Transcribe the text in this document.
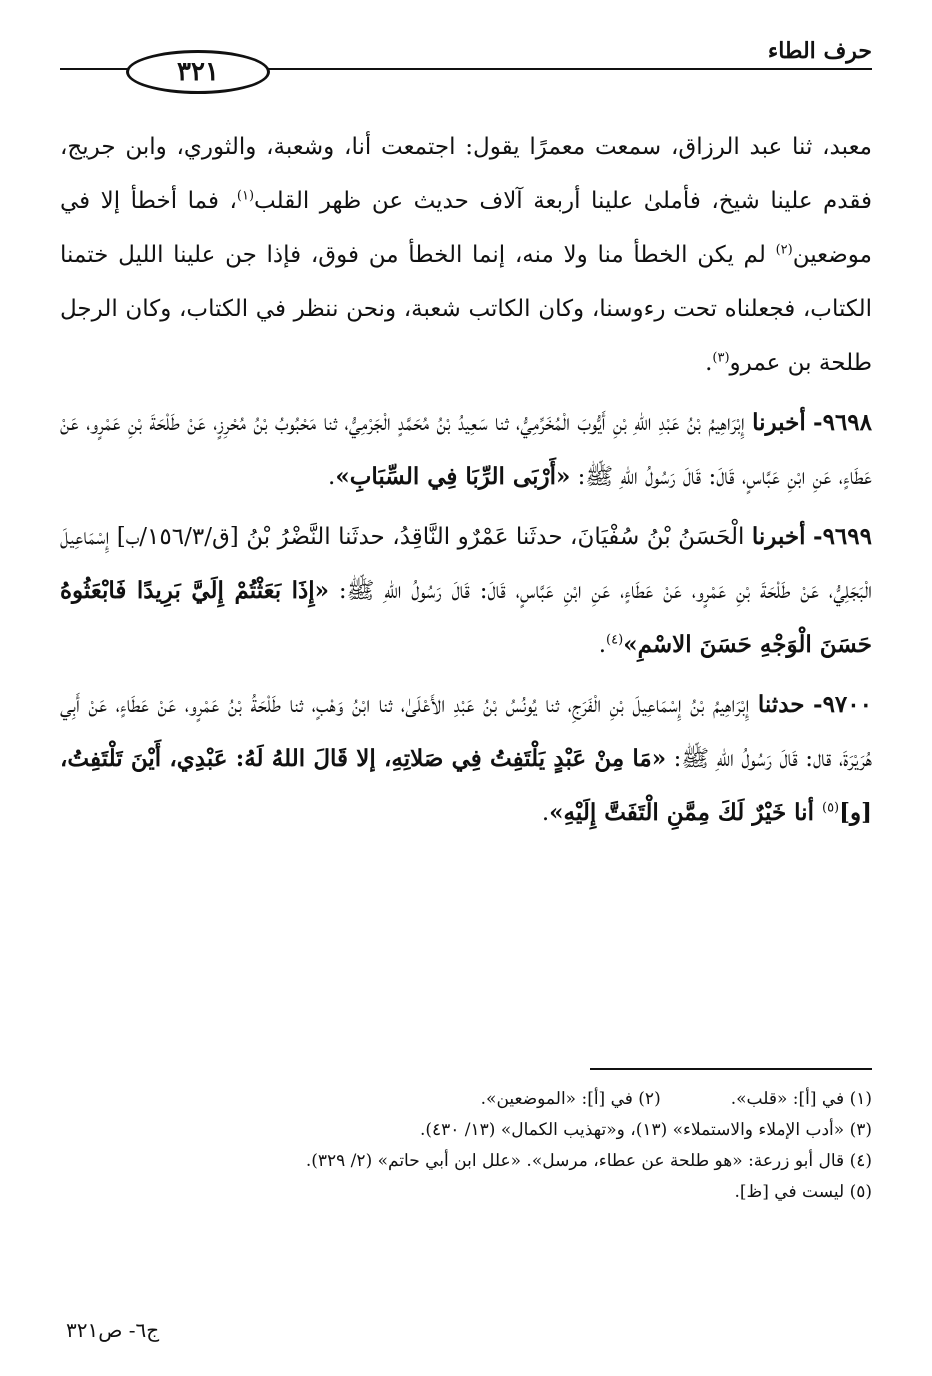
حرف الطاء
٣٢١

معبد، ثنا عبد الرزاق، سمعت معمرًا يقول: اجتمعت أنا، وشعبة، والثوري، وابن جريج، فقدم علينا شيخ، فأملىٰ علينا أربعة آلاف حديث عن ظهر القلب$^{(١)}$، فما أخطأ إلا في موضعين$^{(٢)}$ لم يكن الخطأ منا ولا منه، إنما الخطأ من فوق، فإذا جن علينا الليل ختمنا الكتاب، فجعلناه تحت رءوسنا، وكان الكاتب شعبة، ونحن ننظر في الكتاب، وكان الرجل طلحة بن عمرو$^{(٣)}$.

٩٦٩٨- أخبرنا إِبْرَاهِيمُ بْنُ عَبْدِ اللهِ بْنِ أَيُّوبَ الْمُخَرِّمِيُّ، ثنا سَعِيدُ بْنُ مُحَمَّدٍ الْجَرْمِيُّ، ثنا مَحْبُوبُ بْنُ مُحْرِزٍ، عَنْ طَلْحَةَ بْنِ عَمْرٍو، عَنْ عَطَاءٍ، عَنِ ابْنِ عَبَّاسٍ، قَالَ: قَالَ رَسُولُ اللهِ ﷺ: «أَرْبَى الرِّبَا فِي السِّبَابِ».

٩٦٩٩- أخبرنا الْحَسَنُ بْنُ سُفْيَانَ، حدثَنا عَمْرٌو النَّاقِدُ، حدثَنا النَّضْرُ بْنُ [ق/١٥٦/٣/ب] إِسْمَاعِيلَ الْبَجَلِيُّ، عَنْ طَلْحَةَ بْنِ عَمْرٍو، عَنْ عَطَاءٍ، عَنِ ابْنِ عَبَّاسٍ، قَالَ: قَالَ رَسُولُ اللهِ ﷺ: «إِذَا بَعَثْتُمْ إِلَيَّ بَرِيدًا فَابْعَثُوهُ حَسَنَ الْوَجْهِ حَسَنَ الاسْمِ»$^{(٤)}$.

٩٧٠٠- حدثنا إِبْرَاهِيمُ بْنُ إِسْمَاعِيلَ بْنِ الْفَرَجِ، ثنا يُونُسُ بْنُ عَبْدِ الأَعْلَىٰ، ثنا ابْنُ وَهْبٍ، ثنا طَلْحَةُ بْنُ عَمْرٍو، عَنْ عَطَاءٍ، عَنْ أَبِي هُرَيْرَةَ، قال: قَالَ رَسُولُ اللهِ ﷺ: «مَا مِنْ عَبْدٍ يَلْتَفِتُ فِي صَلاتِهِ، إلا قَالَ اللهُ لَهُ: عَبْدِي، أَيْنَ تَلْتَفِتُ، [و]$^{(٥)}$ أنا خَيْرٌ لَكَ مِمَّنِ الْتَفَتَّ إِلَيْهِ».

(١) في [أ]: «قلب».(٢) في [أ]: «الموضعين».
(٣) «أدب الإملاء والاستملاء» (١٣)، و«تهذيب الكمال» (١٣/ ٤٣٠).
(٤) قال أبو زرعة: «هو طلحة عن عطاء، مرسل». «علل ابن أبي حاتم» (٢/ ٣٢٩).
(٥) ليست في [ظ].
ج٦- ص٣٢١
